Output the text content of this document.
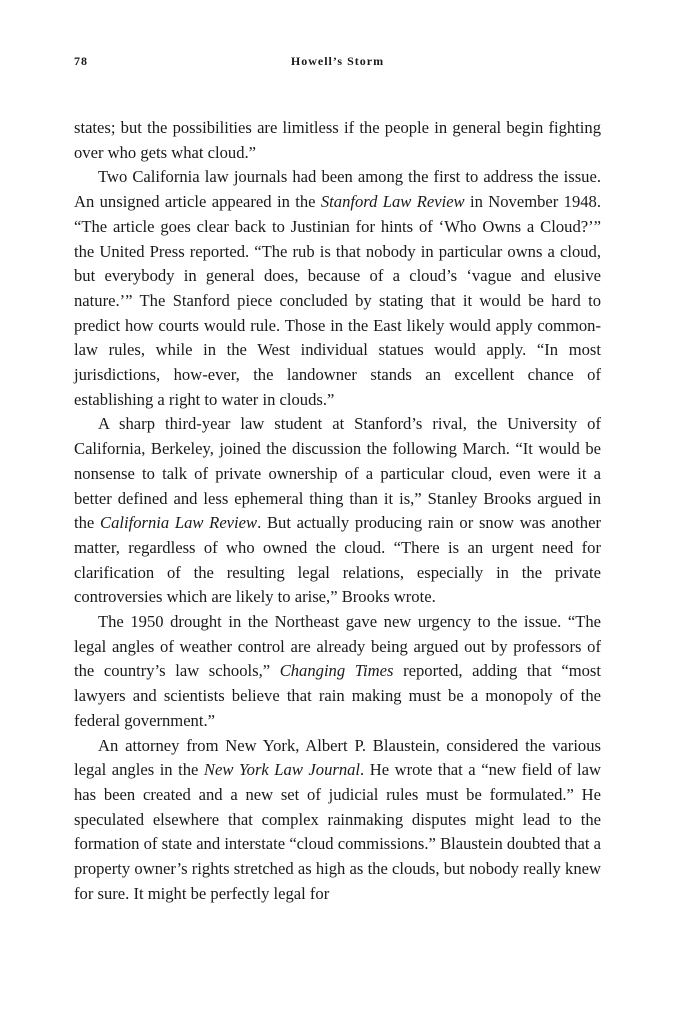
78	Howell’s Storm

states; but the possibilities are limitless if the people in general begin fighting over who gets what cloud.”

Two California law journals had been among the first to address the issue. An unsigned article appeared in the Stanford Law Review in November 1948. “The article goes clear back to Justinian for hints of ‘Who Owns a Cloud?’” the United Press reported. “The rub is that nobody in particular owns a cloud, but everybody in general does, because of a cloud’s ‘vague and elusive nature.’” The Stanford piece concluded by stating that it would be hard to predict how courts would rule. Those in the East likely would apply common-law rules, while in the West individual statues would apply. “In most jurisdictions, how-ever, the landowner stands an excellent chance of establishing a right to water in clouds.”

A sharp third-year law student at Stanford’s rival, the University of California, Berkeley, joined the discussion the following March. “It would be nonsense to talk of private ownership of a particular cloud, even were it a better defined and less ephemeral thing than it is,” Stanley Brooks argued in the California Law Review. But actually producing rain or snow was another matter, regardless of who owned the cloud. “There is an urgent need for clarification of the resulting legal relations, especially in the private controversies which are likely to arise,” Brooks wrote.

The 1950 drought in the Northeast gave new urgency to the issue. “The legal angles of weather control are already being argued out by professors of the country’s law schools,” Changing Times reported, adding that “most lawyers and scientists believe that rain making must be a monopoly of the federal government.”

An attorney from New York, Albert P. Blaustein, considered the various legal angles in the New York Law Journal. He wrote that a “new field of law has been created and a new set of judicial rules must be formulated.” He speculated elsewhere that complex rainmaking disputes might lead to the formation of state and interstate “cloud commissions.” Blaustein doubted that a property owner’s rights stretched as high as the clouds, but nobody really knew for sure. It might be perfectly legal for
